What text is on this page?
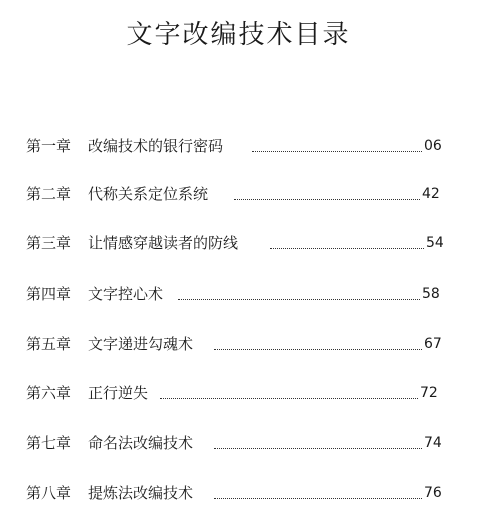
文字改编技术目录
第一章 改编技术的银行密码	06
第二章 代称关系定位系统	42
第三章 让情感穿越读者的防线	54
第四章 文字控心术	58
第五章 文字递进勾魂术	67
第六章 正行逆失	72
第七章 命名法改编技术	74
第八章 提炼法改编技术	76
